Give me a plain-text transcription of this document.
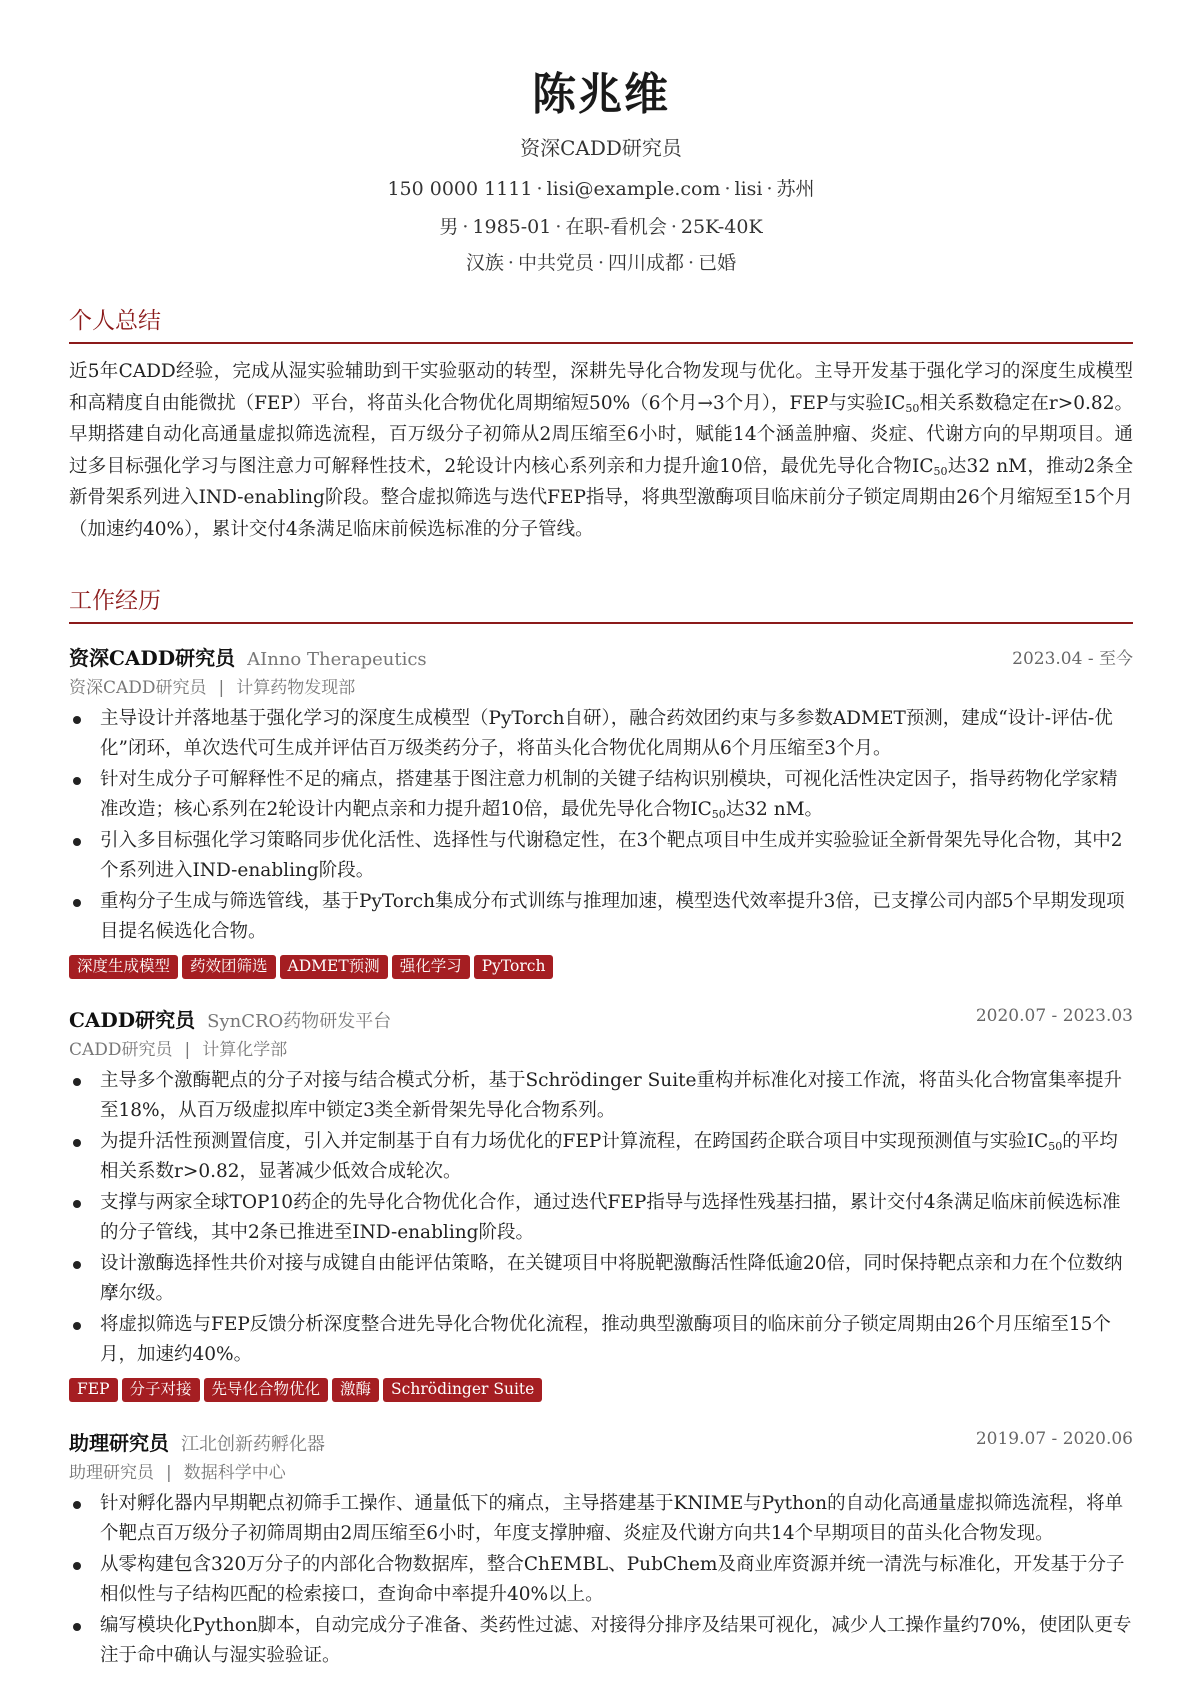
陈兆维
资深CADD研究员
150 0000 1111 · lisi@example.com · lisi · 苏州
男 · 1985-01 · 在职-看机会 · 25K-40K
汉族 · 中共党员 · 四川成都 · 已婚
个人总结
近5年CADD经验，完成从湿实验辅助到干实验驱动的转型，深耕先导化合物发现与优化。主导开发基于强化学习的深度生成模型和高精度自由能微扰（FEP）平台，将苗头化合物优化周期缩短50%（6个月→3个月），FEP与实验$IC_{50}$相关系数稳定在r>0.82。早期搭建自动化高通量虚拟筛选流程，百万级分子初筛从2周压缩至6小时，赋能14个涵盖肿瘤、炎症、代谢方向的早期项目。通过多目标强化学习与图注意力可解释性技术，2轮设计内核心系列亲和力提升逾10倍，最优先导化合物$IC_{50}$达32 nM，推动2条全新骨架系列进入IND-enabling阶段。整合虚拟筛选与迭代FEP指导，将典型激酶项目临床前分子锁定周期由26个月缩短至15个月（加速约40%），累计交付4条满足临床前候选标准的分子管线。
工作经历
资深CADD研究员 AInno Therapeutics	2023.04 - 至今
资深CADD研究员 | 计算药物发现部
主导设计并落地基于强化学习的深度生成模型（PyTorch自研），融合药效团约束与多参数ADMET预测，建成“设计-评估-优化”闭环，单次迭代可生成并评估百万级类药分子，将苗头化合物优化周期从6个月压缩至3个月。
针对生成分子可解释性不足的痛点，搭建基于图注意力机制的关键子结构识别模块，可视化活性决定因子，指导药物化学家精准改造；核心系列在2轮设计内靶点亲和力提升超10倍，最优先导化合物$IC_{50}$达32 nM。
引入多目标强化学习策略同步优化活性、选择性与代谢稳定性，在3个靶点项目中生成并实验验证全新骨架先导化合物，其中2个系列进入IND-enabling阶段。
重构分子生成与筛选管线，基于PyTorch集成分布式训练与推理加速，模型迭代效率提升3倍，已支撑公司内部5个早期发现项目提名候选化合物。
深度生成模型 药效团筛选 ADMET预测 强化学习 PyTorch
CADD研究员 SynCRO药物研发平台	2020.07 - 2023.03
CADD研究员 | 计算化学部
主导多个激酶靶点的分子对接与结合模式分析，基于Schrödinger Suite重构并标准化对接工作流，将苗头化合物富集率提升至18%，从百万级虚拟库中锁定3类全新骨架先导化合物系列。
为提升活性预测置信度，引入并定制基于自有力场优化的FEP计算流程，在跨国药企联合项目中实现预测值与实验$IC_{50}$的平均相关系数r>0.82，显著减少低效合成轮次。
支撑与两家全球TOP10药企的先导化合物优化合作，通过迭代FEP指导与选择性残基扫描，累计交付4条满足临床前候选标准的分子管线，其中2条已推进至IND-enabling阶段。
设计激酶选择性共价对接与成键自由能评估策略，在关键项目中将脱靶激酶活性降低逾20倍，同时保持靶点亲和力在个位数纳摩尔级。
将虚拟筛选与FEP反馈分析深度整合进先导化合物优化流程，推动典型激酶项目的临床前分子锁定周期由26个月压缩至15个月，加速约40%。
FEP 分子对接 先导化合物优化 激酶 Schrödinger Suite
助理研究员 江北创新药孵化器	2019.07 - 2020.06
助理研究员 | 数据科学中心
针对孵化器内早期靶点初筛手工操作、通量低下的痛点，主导搭建基于KNIME与Python的自动化高通量虚拟筛选流程，将单个靶点百万级分子初筛周期由2周压缩至6小时，年度支撑肿瘤、炎症及代谢方向共14个早期项目的苗头化合物发现。
从零构建包含320万分子的内部化合物数据库，整合ChEMBL、PubChem及商业库资源并统一清洗与标准化，开发基于分子相似性与子结构匹配的检索接口，查询命中率提升40%以上。
编写模块化Python脚本，自动完成分子准备、类药性过滤、对接得分排序及结果可视化，减少人工操作量约70%，使团队更专注于命中确认与湿实验验证。
